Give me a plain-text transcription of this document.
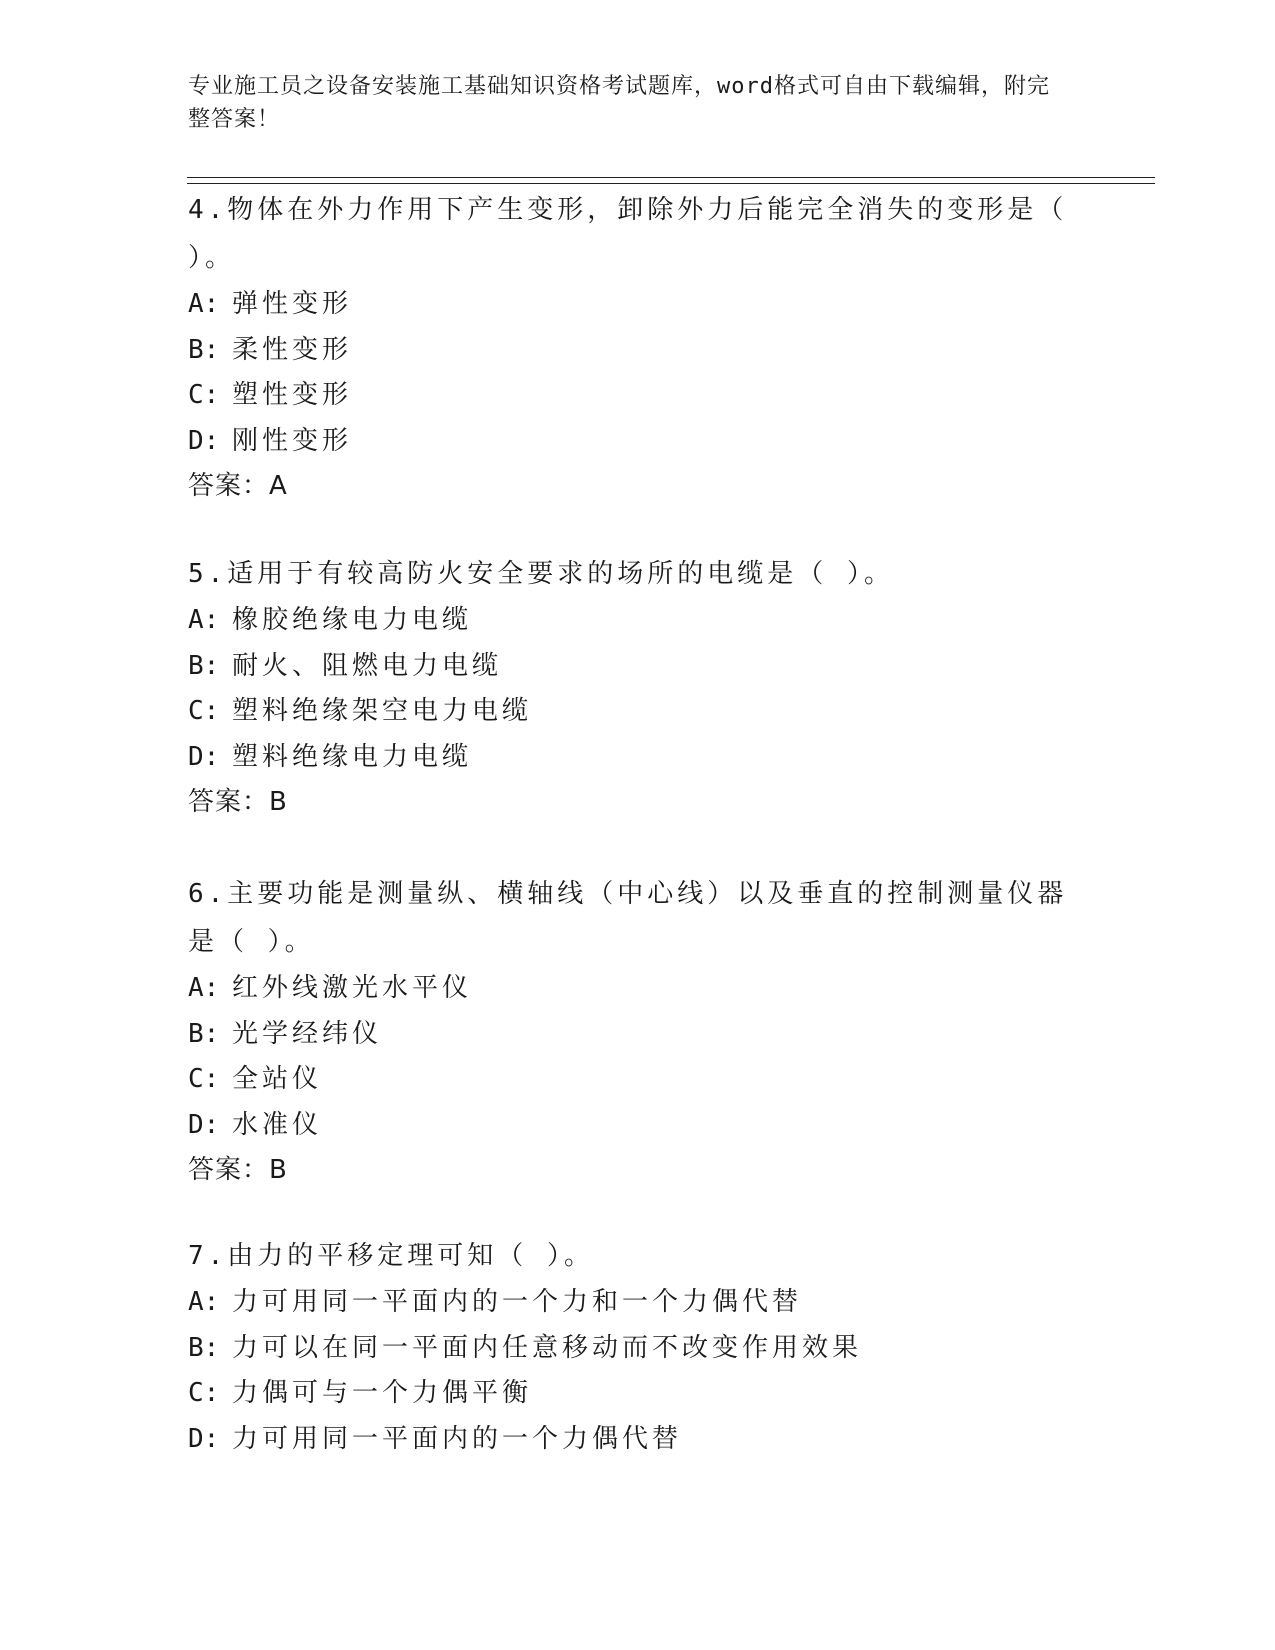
专业施工员之设备安装施工基础知识资格考试题库，word格式可自由下载编辑，附完整答案！

4.物体在外力作用下产生变形，卸除外力后能完全消失的变形是（ ）。

A: 弹性变形
B: 柔性变形
C: 塑性变形
D: 刚性变形
答案：A

5.适用于有较高防火安全要求的场所的电缆是（ ）。

A: 橡胶绝缘电力电缆
B: 耐火、阻燃电力电缆
C: 塑料绝缘架空电力电缆
D: 塑料绝缘电力电缆
答案：B

6.主要功能是测量纵、横轴线（中心线）以及垂直的控制测量仪器是（ ）。

A: 红外线激光水平仪
B: 光学经纬仪
C: 全站仪
D: 水准仪
答案：B

7.由力的平移定理可知（ ）。

A: 力可用同一平面内的一个力和一个力偶代替
B: 力可以在同一平面内任意移动而不改变作用效果
C: 力偶可与一个力偶平衡
D: 力可用同一平面内的一个力偶代替
